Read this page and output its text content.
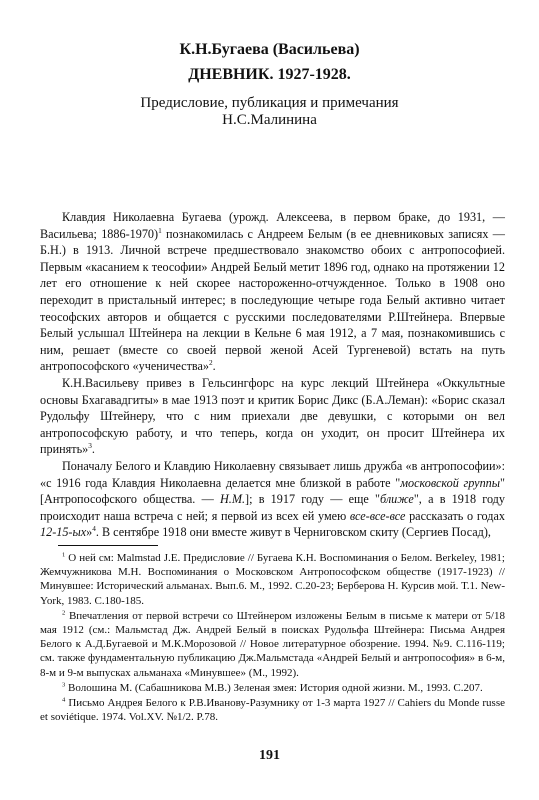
К.Н.Бугаева (Васильева)
ДНЕВНИК. 1927-1928.
Предисловие, публикация и примечания
Н.С.Малинина

Клавдия Николаевна Бугаева (урожд. Алексеева, в первом браке, до 1931, — Васильева; 1886-1970)$^1$ познакомилась с Андреем Белым (в ее дневниковых записях — Б.Н.) в 1913. Личной встрече предшествовало знакомство обоих с антропософией. Первым «касанием к теософии» Андрей Белый метит 1896 год, однако на протяжении 12 лет его отношение к ней скорее настороженно-отчужденное. Только в 1908 оно переходит в пристальный интерес; в последующие четыре года Белый активно читает теософских авторов и общается с русскими последователями Р.Штейнера. Впервые Белый услышал Штейнера на лекции в Кельне 6 мая 1912, а 7 мая, познакомившись с ним, решает (вместе со своей первой женой Асей Тургеневой) встать на путь антропософского «ученичества»$^2$.

К.Н.Васильеву привез в Гельсингфорс на курс лекций Штейнера «Оккультные основы Бхагавадгиты» в мае 1913 поэт и критик Борис Дикс (Б.А.Леман): «Борис сказал Рудольфу Штейнеру, что с ним приехали две девушки, с которыми он вел антропософскую работу, и что теперь, когда он уходит, он просит Штейнера их принять»$^3$.

Поначалу Белого и Клавдию Николаевну связывает лишь дружба «в антропософии»: «с 1916 года Клавдия Николаевна делается мне близкой в работе "московской группы" [Антропософского общества. — Н.М.]; в 1917 году — еще "ближе", а в 1918 году происходит наша встреча с ней; я первой из всех ей умею все-все-все рассказать о годах 12-15-ых»$^4$. В сентябре 1918 они вместе живут в Черниговском скиту (Сергиев Посад),

$^1$ О ней см: Malmstad J.E. Предисловие // Бугаева К.Н. Воспоминания о Белом. Berkeley, 1981; Жемчужникова М.Н. Воспоминания о Московском Антропософском обществе (1917-1923) // Минувшее: Исторический альманах. Вып.6. М., 1992. С.20-23; Берберова Н. Курсив мой. Т.1. New-York, 1983. С.180-185.

$^2$ Впечатления от первой встречи со Штейнером изложены Белым в письме к матери от 5/18 мая 1912 (см.: Мальмстад Дж. Андрей Белый в поисках Рудольфа Штейнера: Письма Андрея Белого к А.Д.Бугаевой и М.К.Морозовой // Новое литературное обозрение. 1994. №9. С.116-119; см. также фундаментальную публикацию Дж.Мальмстада «Андрей Белый и антропософия» в 6-м, 8-м и 9-м выпусках альманаха «Минувшее» (М., 1992).

$^3$ Волошина М. (Сабашникова М.В.) Зеленая змея: История одной жизни. М., 1993. С.207.

$^4$ Письмо Андрея Белого к Р.В.Иванову-Разумнику от 1-3 марта 1927 // Cahiers du Monde russe et soviétique. 1974. Vol.XV. №1/2. P.78.

191
